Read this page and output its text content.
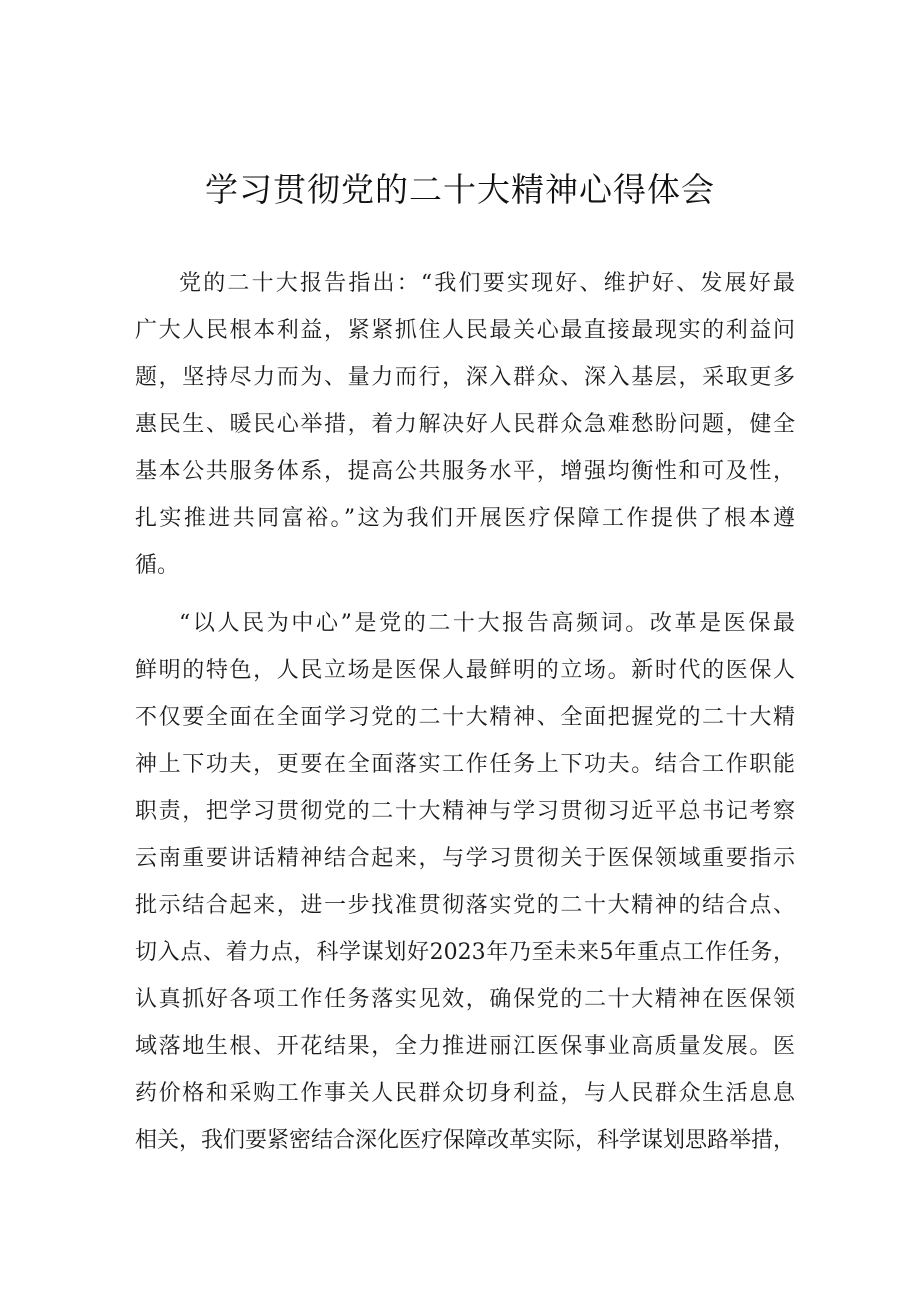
学习贯彻党的二十大精神心得体会
党的二十大报告指出：“我们要实现好、维护好、发展好最
广大人民根本利益，紧紧抓住人民最关心最直接最现实的利益问
题，坚持尽力而为、量力而行，深入群众、深入基层，采取更多
惠民生、暖民心举措，着力解决好人民群众急难愁盼问题，健全
基本公共服务体系，提高公共服务水平，增强均衡性和可及性，
扎实推进共同富裕。”这为我们开展医疗保障工作提供了根本遵
循。
“以人民为中心”是党的二十大报告高频词。改革是医保最
鲜明的特色，人民立场是医保人最鲜明的立场。新时代的医保人
不仅要全面在全面学习党的二十大精神、全面把握党的二十大精
神上下功夫，更要在全面落实工作任务上下功夫。结合工作职能
职责，把学习贯彻党的二十大精神与学习贯彻习近平总书记考察
云南重要讲话精神结合起来，与学习贯彻关于医保领域重要指示
批示结合起来，进一步找准贯彻落实党的二十大精神的结合点、
切入点、着力点，科学谋划好2023年乃至未来5年重点工作任务，
认真抓好各项工作任务落实见效，确保党的二十大精神在医保领
域落地生根、开花结果，全力推进丽江医保事业高质量发展。医
药价格和采购工作事关人民群众切身利益，与人民群众生活息息
相关，我们要紧密结合深化医疗保障改革实际，科学谋划思路举措，
